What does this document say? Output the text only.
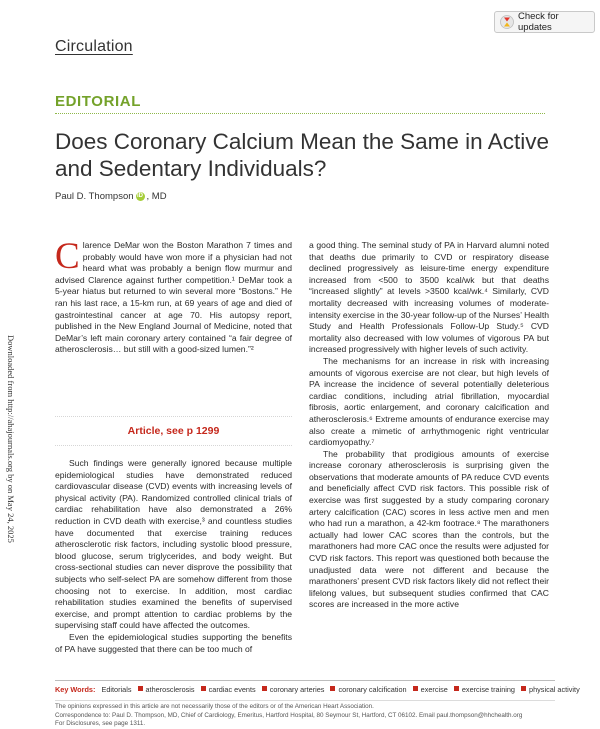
Circulation
Check for updates
EDITORIAL
Does Coronary Calcium Mean the Same in Active and Sedentary Individuals?
Paul D. Thompson iD , MD
Downloaded from http://ahajournals.org by on May 24, 2025

Clarence DeMar won the Boston Marathon 7 times and probably would have won more if a physician had not heard what was probably a benign flow murmur and advised Clarence against further competition.¹ DeMar took a 5-year hiatus but returned to win several more “Bostons.” He ran his last race, a 15-km run, at 69 years of age and died of gastrointestinal cancer at age 70. His autopsy report, published in the New England Journal of Medicine, noted that DeMar’s left main coronary artery contained “a fair degree of atherosclerosis… but still with a good-sized lumen.”²

Article, see p 1299

Such findings were generally ignored because multiple epidemiological studies have demonstrated reduced cardiovascular disease (CVD) events with increasing levels of physical activity (PA). Randomized controlled clinical trials of cardiac rehabilitation have also demonstrated a 26% reduction in CVD death with exercise,³ and countless studies have documented that exercise training reduces atherosclerotic risk factors, including systolic blood pressure, blood glucose, serum triglycerides, and body weight. But cross-sectional studies can never disprove the possibility that subjects who self-select PA are somehow different from those choosing not to exercise. In addition, most cardiac rehabilitation studies examined the benefits of supervised exercise, and prompt attention to cardiac problems by the supervising staff could have affected the outcomes.

Even the epidemiological studies supporting the benefits of PA have suggested that there can be too much of

a good thing. The seminal study of PA in Harvard alumni noted that deaths due primarily to CVD or respiratory disease declined progressively as leisure-time energy expenditure increased from <500 to 3500 kcal/wk but that deaths “increased slightly” at levels >3500 kcal/wk.⁴ Similarly, CVD mortality decreased with increasing volumes of moderate-intensity exercise in the 30-year follow-up of the Nurses’ Health Study and Health Professionals Follow-Up Study.⁵ CVD mortality also decreased with low volumes of vigorous PA but increased progressively with higher levels of such activity.

The mechanisms for an increase in risk with increasing amounts of vigorous exercise are not clear, but high levels of PA increase the incidence of several potentially deleterious cardiac conditions, including atrial fibrillation, myocardial fibrosis, aortic enlargement, and coronary calcification and atherosclerosis.⁶ Extreme amounts of endurance exercise may also create a mimetic of arrhythmogenic right ventricular cardiomyopathy.⁷

The probability that prodigious amounts of exercise increase coronary atherosclerosis is surprising given the observations that moderate amounts of PA reduce CVD events and beneficially affect CVD risk factors. This possible risk of exercise was first suggested by a study comparing coronary artery calcification (CAC) scores in less active men and men who had run a marathon, a 42-km footrace.⁸ The marathoners actually had lower CAC scores than the controls, but the marathoners had more CAC once the results were adjusted for CVD risk factors. This report was questioned both because the unadjusted data were not different and because the marathoners’ present CVD risk factors likely did not reflect their lifelong values, but subsequent studies confirmed that CAC scores are increased in the more active

Key Words: Editorials atherosclerosis cardiac events coronary arteries coronary calcification exercise exercise training physical activity
The opinions expressed in this article are not necessarily those of the editors or of the American Heart Association.
Correspondence to: Paul D. Thompson, MD, Chief of Cardiology, Emeritus, Hartford Hospital, 80 Seymour St, Hartford, CT 06102. Email paul.thompson@hhchealth.org
For Disclosures, see page 1311.
